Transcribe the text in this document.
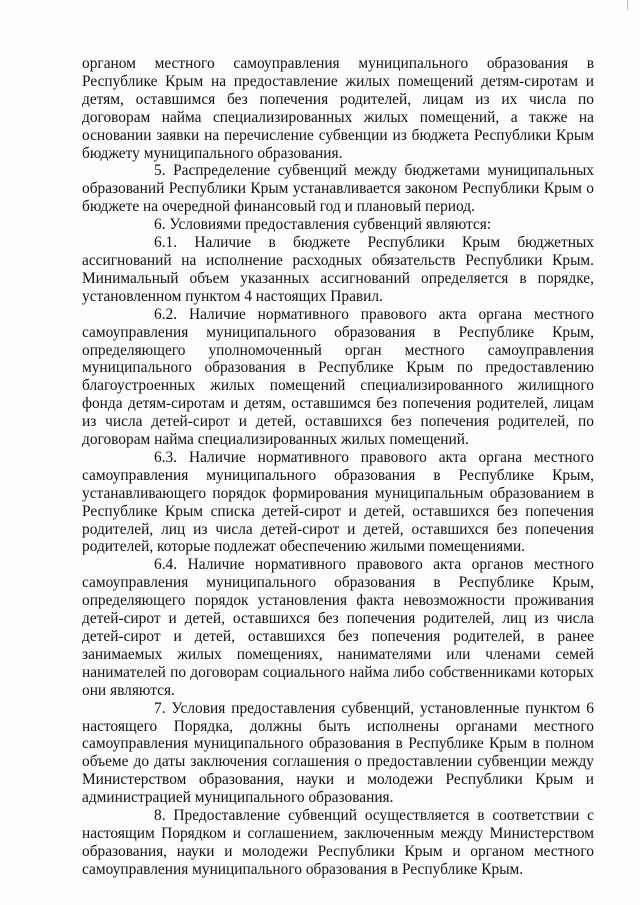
органом местного самоуправления муниципального образования в Республике Крым на предоставление жилых помещений детям-сиротам и детям, оставшимся без попечения родителей, лицам из их числа по договорам найма специализированных жилых помещений, а также на основании заявки на перечисление субвенции из бюджета Республики Крым бюджету муниципального образования.

5. Распределение субвенций между бюджетами муниципальных образований Республики Крым устанавливается законом Республики Крым о бюджете на очередной финансовый год и плановый период.

6. Условиями предоставления субвенций являются:

6.1. Наличие в бюджете Республики Крым бюджетных ассигнований на исполнение расходных обязательств Республики Крым. Минимальный объем указанных ассигнований определяется в порядке, установленном пунктом 4 настоящих Правил.

6.2. Наличие нормативного правового акта органа местного самоуправления муниципального образования в Республике Крым, определяющего уполномоченный орган местного самоуправления муниципального образования в Республике Крым по предоставлению благоустроенных жилых помещений специализированного жилищного фонда детям-сиротам и детям, оставшимся без попечения родителей, лицам из числа детей-сирот и детей, оставшихся без попечения родителей, по договорам найма специализированных жилых помещений.

6.3. Наличие нормативного правового акта органа местного самоуправления муниципального образования в Республике Крым, устанавливающего порядок формирования муниципальным образованием в Республике Крым списка детей-сирот и детей, оставшихся без попечения родителей, лиц из числа детей-сирот и детей, оставшихся без попечения родителей, которые подлежат обеспечению жилыми помещениями.

6.4. Наличие нормативного правового акта органов местного самоуправления муниципального образования в Республике Крым, определяющего порядок установления факта невозможности проживания детей-сирот и детей, оставшихся без попечения родителей, лиц из числа детей-сирот и детей, оставшихся без попечения родителей, в ранее занимаемых жилых помещениях, нанимателями или членами семей нанимателей по договорам социального найма либо собственниками которых они являются.

7. Условия предоставления субвенций, установленные пунктом 6 настоящего Порядка, должны быть исполнены органами местного самоуправления муниципального образования в Республике Крым в полном объеме до даты заключения соглашения о предоставлении субвенции между Министерством образования, науки и молодежи Республики Крым и администрацией муниципального образования.

8. Предоставление субвенций осуществляется в соответствии с настоящим Порядком и соглашением, заключенным между Министерством образования, науки и молодежи Республики Крым и органом местного самоуправления муниципального образования в Республике Крым.
